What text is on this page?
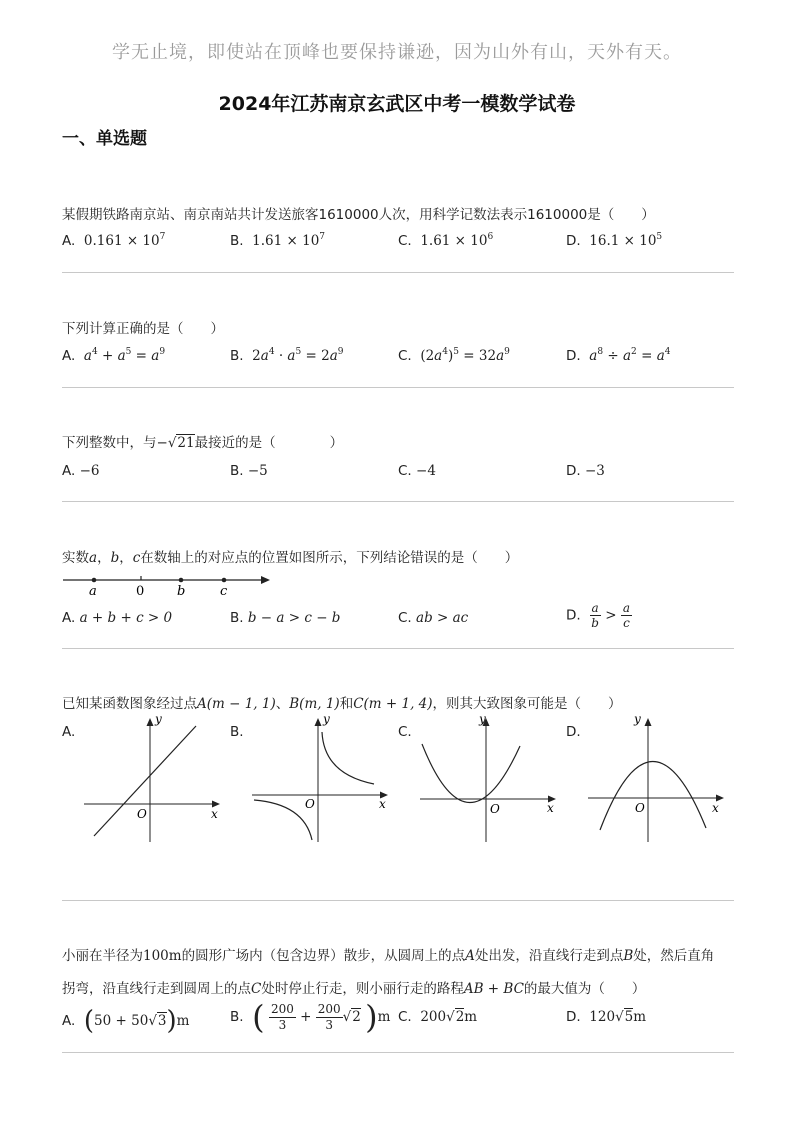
学无止境，即使站在顶峰也要保持谦逊，因为山外有山，天外有天。
2024年江苏南京玄武区中考一模数学试卷
一、单选题
某假期铁路南京站、南京南站共计发送旅客1610000人次，用科学记数法表示1610000是（　　）
A. $0.161 \times 10^7$	B. $1.61 \times 10^7$	C. $1.61 \times 10^6$	D. $16.1 \times 10^5$
下列计算正确的是（　　）
A. $a^4 + a^5 = a^9$	B. $2a^4 \cdot a^5 = 2a^9$	C. $(2a^4)^5 = 32a^9$	D. $a^8 \div a^2 = a^4$
下列整数中，与−√21最接近的是（　　　　）
A. −6	B. −5	C. −4	D. −3
实数a，b，c在数轴上的对应点的位置如图所示，下列结论错误的是（　　）
a	0	b	c
A. a + b + c > 0	B. b − a > c − b	C. ab > ac	D. $\frac{a}{b} > \frac{a}{c}$
已知某函数图象经过点A(m − 1, 1)、B(m, 1)和C(m + 1, 4)，则其大致图象可能是（　　）
A.	B.	C.	D.
y
x
O
y
x
O
y
x
O
y
x
O
小丽在半径为100m的圆形广场内（包含边界）散步，从圆周上的点A处出发，沿直线行走到点B处，然后直角
拐弯，沿直线行走到圆周上的点C处时停止行走，则小丽行走的路程AB + BC的最大值为（　　）
A. (50 + 50√3)m	B. ( $\frac{200}{3} + \frac{200}{3} √2$ )m C. 200√2m	D. 120√5m
